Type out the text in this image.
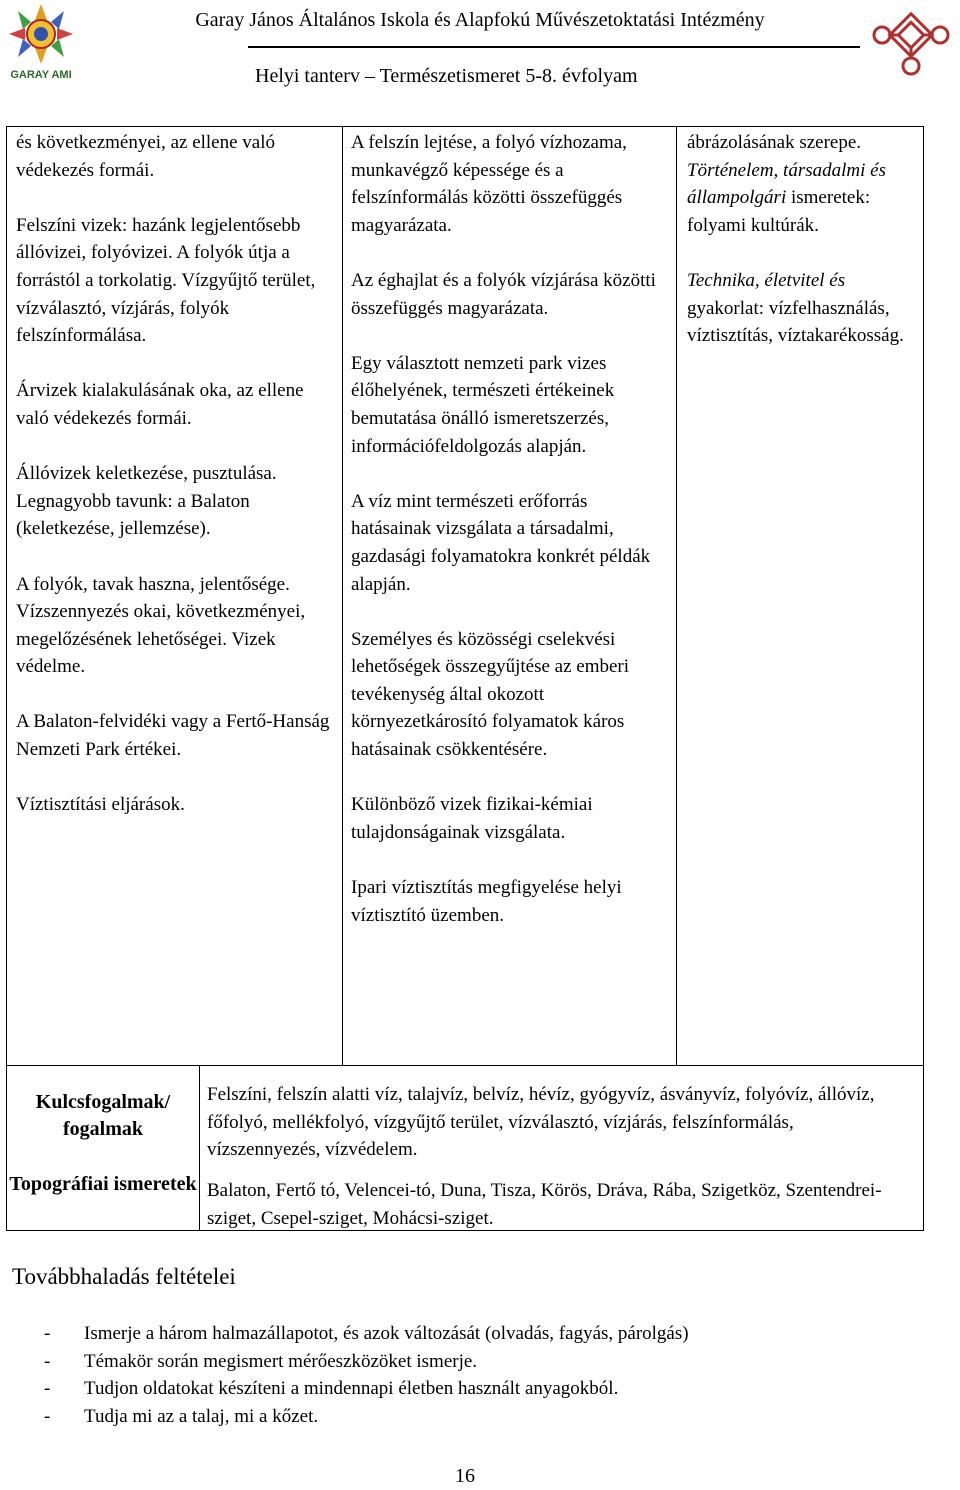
GARAY AMI
Garay János Általános Iskola és Alapfokú Művészetoktatási Intézmény
Helyi tanterv – Természetismeret 5-8. évfolyam

és következményei, az ellene való védekezés formái.

Felszíni vizek: hazánk legjelentősebb állóvizei, folyóvizei. A folyók útja a forrástól a torkolatig. Vízgyűjtő terület, vízválasztó, vízjárás, folyók felszínformálása.

Árvizek kialakulásának oka, az ellene való védekezés formái.

Állóvizek keletkezése, pusztulása. Legnagyobb tavunk: a Balaton (keletkezése, jellemzése).

A folyók, tavak haszna, jelentősége. Vízszennyezés okai, következményei, megelőzésének lehetőségei. Vizek védelme.

A Balaton-felvidéki vagy a Fertő-Hanság Nemzeti Park értékei.

Víztisztítási eljárások.

A felszín lejtése, a folyó vízhozama, munkavégző képessége és a felszínformálás közötti összefüggés magyarázata.

Az éghajlat és a folyók vízjárása közötti összefüggés magyarázata.

Egy választott nemzeti park vizes élőhelyének, természeti értékeinek bemutatása önálló ismeretszerzés, információfeldolgozás alapján.

A víz mint természeti erőforrás hatásainak vizsgálata a társadalmi, gazdasági folyamatokra konkrét példák alapján.

Személyes és közösségi cselekvési lehetőségek összegyűjtése az emberi tevékenység által okozott környezetkárosító folyamatok káros hatásainak csökkentésére.

Különböző vizek fizikai-kémiai tulajdonságainak vizsgálata.

Ipari víztisztítás megfigyelése helyi víztisztító üzemben.

ábrázolásának szerepe.

Történelem, társadalmi és állampolgári ismeretek: folyami kultúrák.

Technika, életvitel és gyakorlat: vízfelhasználás, víztisztítás, víztakarékosság.

Kulcsfogalmak/ fogalmak
Topográfiai ismeretek
Felszíni, felszín alatti víz, talajvíz, belvíz, hévíz, gyógyvíz, ásványvíz, folyóvíz, állóvíz, főfolyó, mellékfolyó, vízgyűjtő terület, vízválasztó, vízjárás, felszínformálás, vízszennyezés, vízvédelem.
Balaton, Fertő tó, Velencei-tó, Duna, Tisza, Körös, Dráva, Rába, Szigetköz, Szentendrei-sziget, Csepel-sziget, Mohácsi-sziget.
Továbbhaladás feltételei
- Ismerje a három halmazállapotot, és azok változását (olvadás, fagyás, párolgás)
- Témakör során megismert mérőeszközöket ismerje.
- Tudjon oldatokat készíteni a mindennapi életben használt anyagokból.
- Tudja mi az a talaj, mi a kőzet.
16
